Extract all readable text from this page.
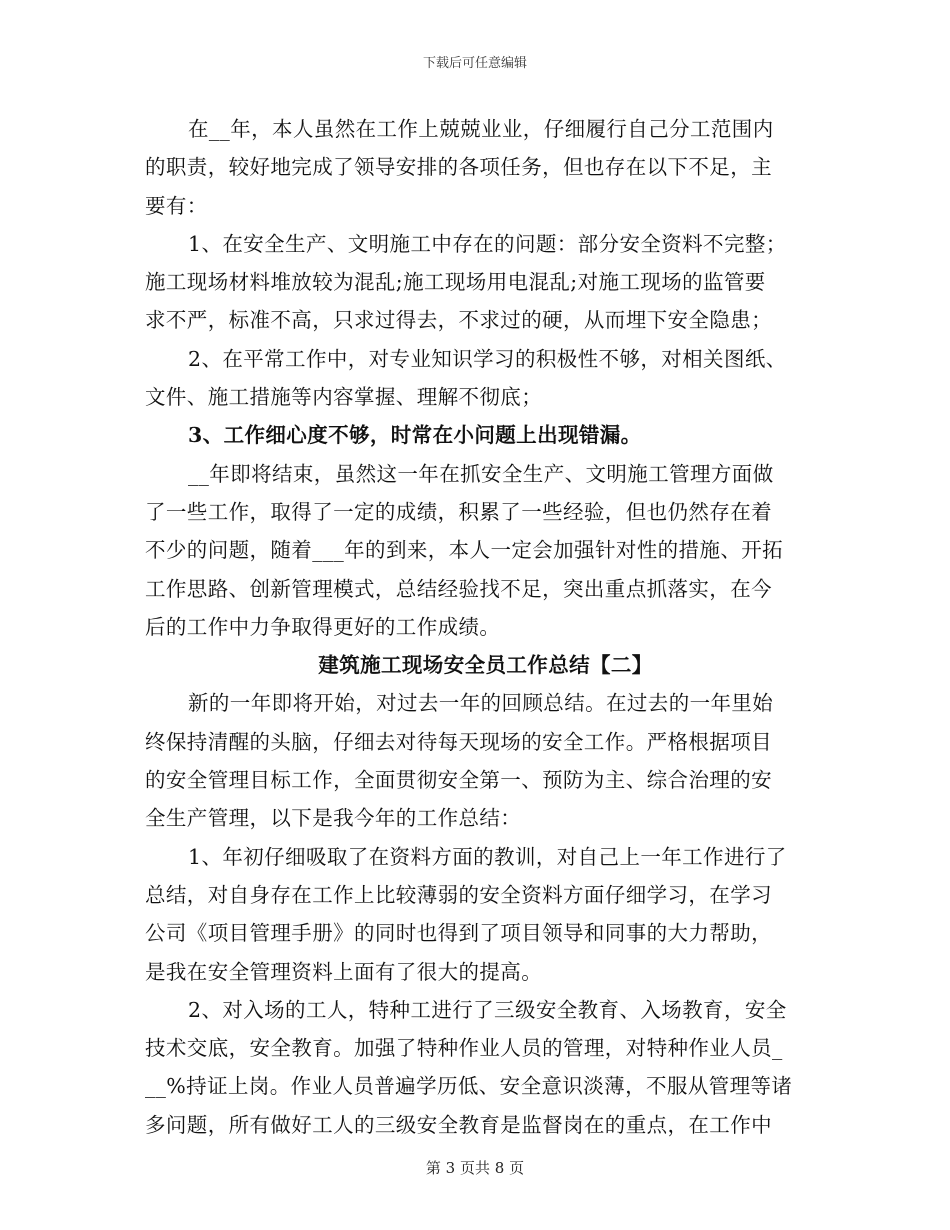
下载后可任意编辑
在__年，本人虽然在工作上兢兢业业，仔细履行自己分工范围内
的职责，较好地完成了领导安排的各项任务，但也存在以下不足，主
要有：
1、在安全生产、文明施工中存在的问题：部分安全资料不完整；
施工现场材料堆放较为混乱;施工现场用电混乱;对施工现场的监管要
求不严，标准不高，只求过得去，不求过的硬，从而埋下安全隐患；
2、在平常工作中，对专业知识学习的积极性不够，对相关图纸、
文件、施工措施等内容掌握、理解不彻底；
3、工作细心度不够，时常在小问题上出现错漏。
__年即将结束，虽然这一年在抓安全生产、文明施工管理方面做
了一些工作，取得了一定的成绩，积累了一些经验，但也仍然存在着
不少的问题，随着___年的到来，本人一定会加强针对性的措施、开拓
工作思路、创新管理模式，总结经验找不足，突出重点抓落实，在今
后的工作中力争取得更好的工作成绩。
建筑施工现场安全员工作总结【二】
新的一年即将开始，对过去一年的回顾总结。在过去的一年里始
终保持清醒的头脑，仔细去对待每天现场的安全工作。严格根据项目
的安全管理目标工作，全面贯彻安全第一、预防为主、综合治理的安
全生产管理，以下是我今年的工作总结：
1、年初仔细吸取了在资料方面的教训，对自己上一年工作进行了
总结，对自身存在工作上比较薄弱的安全资料方面仔细学习，在学习
公司《项目管理手册》的同时也得到了项目领导和同事的大力帮助，
是我在安全管理资料上面有了很大的提高。
2、对入场的工人，特种工进行了三级安全教育、入场教育，安全
技术交底，安全教育。加强了特种作业人员的管理，对特种作业人员_
__%持证上岗。作业人员普遍学历低、安全意识淡薄，不服从管理等诸
多问题，所有做好工人的三级安全教育是监督岗在的重点，在工作中
第 3 页共 8 页
